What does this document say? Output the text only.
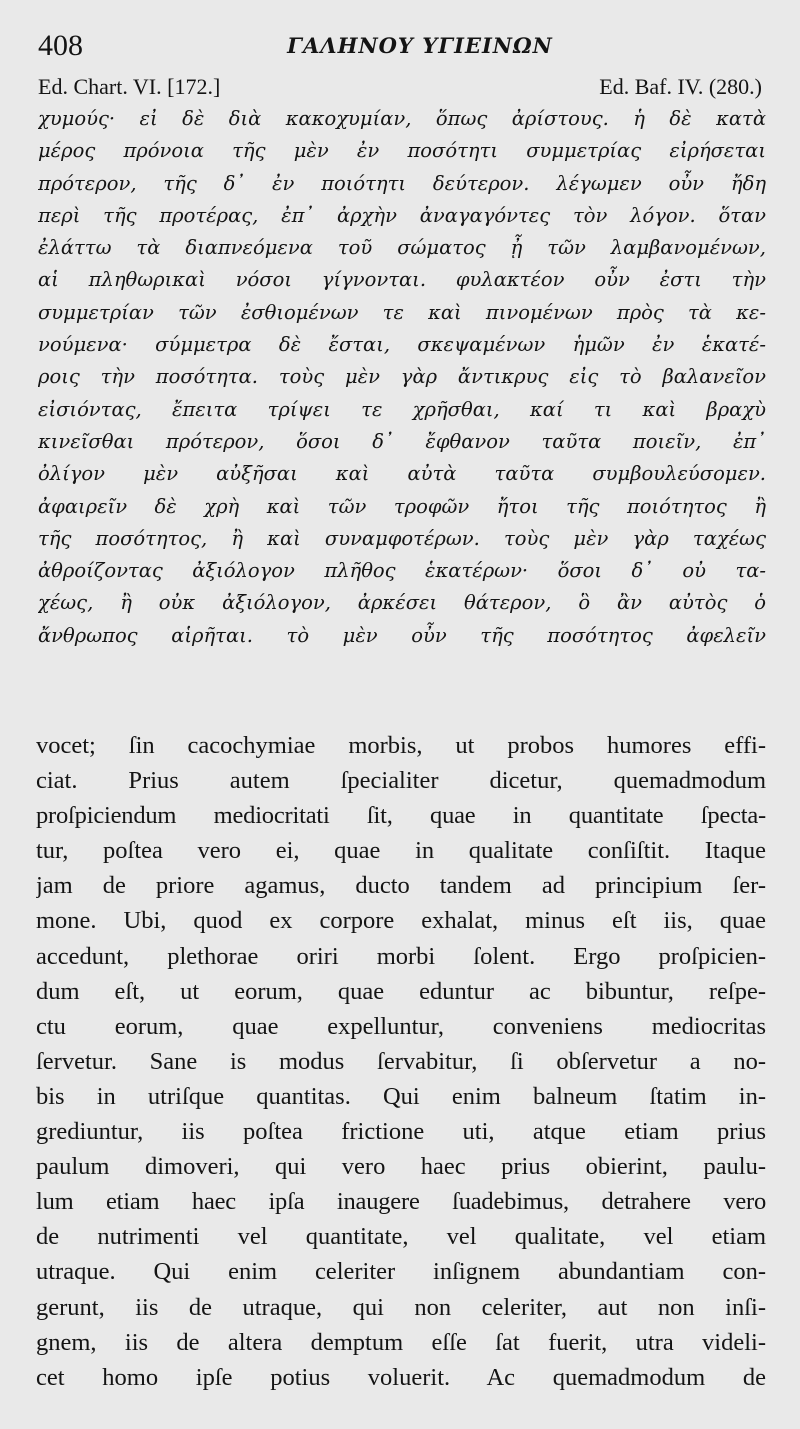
408	ΓΑΛΗΝΟΥ ΥΓΙΕΙΝΩΝ
Ed. Chart. VI. [172.]	Ed. Baf. IV. (280.)
χυμούς· εἰ δὲ διὰ κακοχυμίαν, ὅπως ἀρίστους. ἡ δὲ κατὰ
μέρος πρόνοια τῆς μὲν ἐν ποσότητι συμμετρίας εἰρήσεται
πρότερον, τῆς δ᾽ ἐν ποιότητι δεύτερον. λέγωμεν οὖν ἤδη
περὶ τῆς προτέρας, ἐπ᾽ ἀρχὴν ἀναγαγόντες τὸν λόγον. ὅταν
ἐλάττω τὰ διαπνεόμενα τοῦ σώματος ᾖ τῶν λαμβανομένων,
αἱ πληθωρικαὶ νόσοι γίγνονται. φυλακτέον οὖν ἐστι τὴν
συμμετρίαν τῶν ἐσθιομένων τε καὶ πινομένων πρὸς τὰ κε-
νούμενα· σύμμετρα δὲ ἔσται, σκεψαμένων ἡμῶν ἐν ἑκατέ-
ροις τὴν ποσότητα. τοὺς μὲν γὰρ ἄντικρυς εἰς τὸ βαλανεῖον
εἰσιόντας, ἔπειτα τρίψει τε χρῆσθαι, καί τι καὶ βραχὺ
κινεῖσθαι πρότερον, ὅσοι δ᾽ ἔφθανον ταῦτα ποιεῖν, ἐπ᾽
ὀλίγον μὲν αὐξῆσαι καὶ αὐτὰ ταῦτα συμβουλεύσομεν.
ἀφαιρεῖν δὲ χρὴ καὶ τῶν τροφῶν ἤτοι τῆς ποιότητος ἢ
τῆς ποσότητος, ἢ καὶ συναμφοτέρων. τοὺς μὲν γὰρ ταχέως
ἀθροίζοντας ἀξιόλογον πλῆθος ἑκατέρων· ὅσοι δ᾽ οὐ τα-
χέως, ἢ οὐκ ἀξιόλογον, ἀρκέσει θάτερον, ὃ ἂν αὐτὸς ὁ
ἄνθρωπος αἱρῆται. τὸ μὲν οὖν τῆς ποσότητος ἀφελεῖν
vocet; ſin cacochymiae morbis, ut probos humores effi-
ciat. Prius autem ſpecialiter dicetur, quemadmodum
proſpiciendum mediocritati ſit, quae in quantitate ſpecta-
tur, poſtea vero ei, quae in qualitate conſiſtit. Itaque
jam de priore agamus, ducto tandem ad principium ſer-
mone. Ubi, quod ex corpore exhalat, minus eſt iis, quae
accedunt, plethorae oriri morbi ſolent. Ergo proſpicien-
dum eſt, ut eorum, quae eduntur ac bibuntur, reſpe-
ctu eorum, quae expelluntur, conveniens mediocritas
ſervetur. Sane is modus ſervabitur, ſi obſervetur a no-
bis in utriſque quantitas. Qui enim balneum ſtatim in-
grediuntur, iis poſtea frictione uti, atque etiam prius
paulum dimoveri, qui vero haec prius obierint, paulu-
lum etiam haec ipſa inaugere ſuadebimus, detrahere vero
de nutrimenti vel quantitate, vel qualitate, vel etiam
utraque. Qui enim celeriter inſignem abundantiam con-
gerunt, iis de utraque, qui non celeriter, aut non inſi-
gnem, iis de altera demptum eſſe ſat fuerit, utra videli-
cet homo ipſe potius voluerit. Ac quemadmodum de
